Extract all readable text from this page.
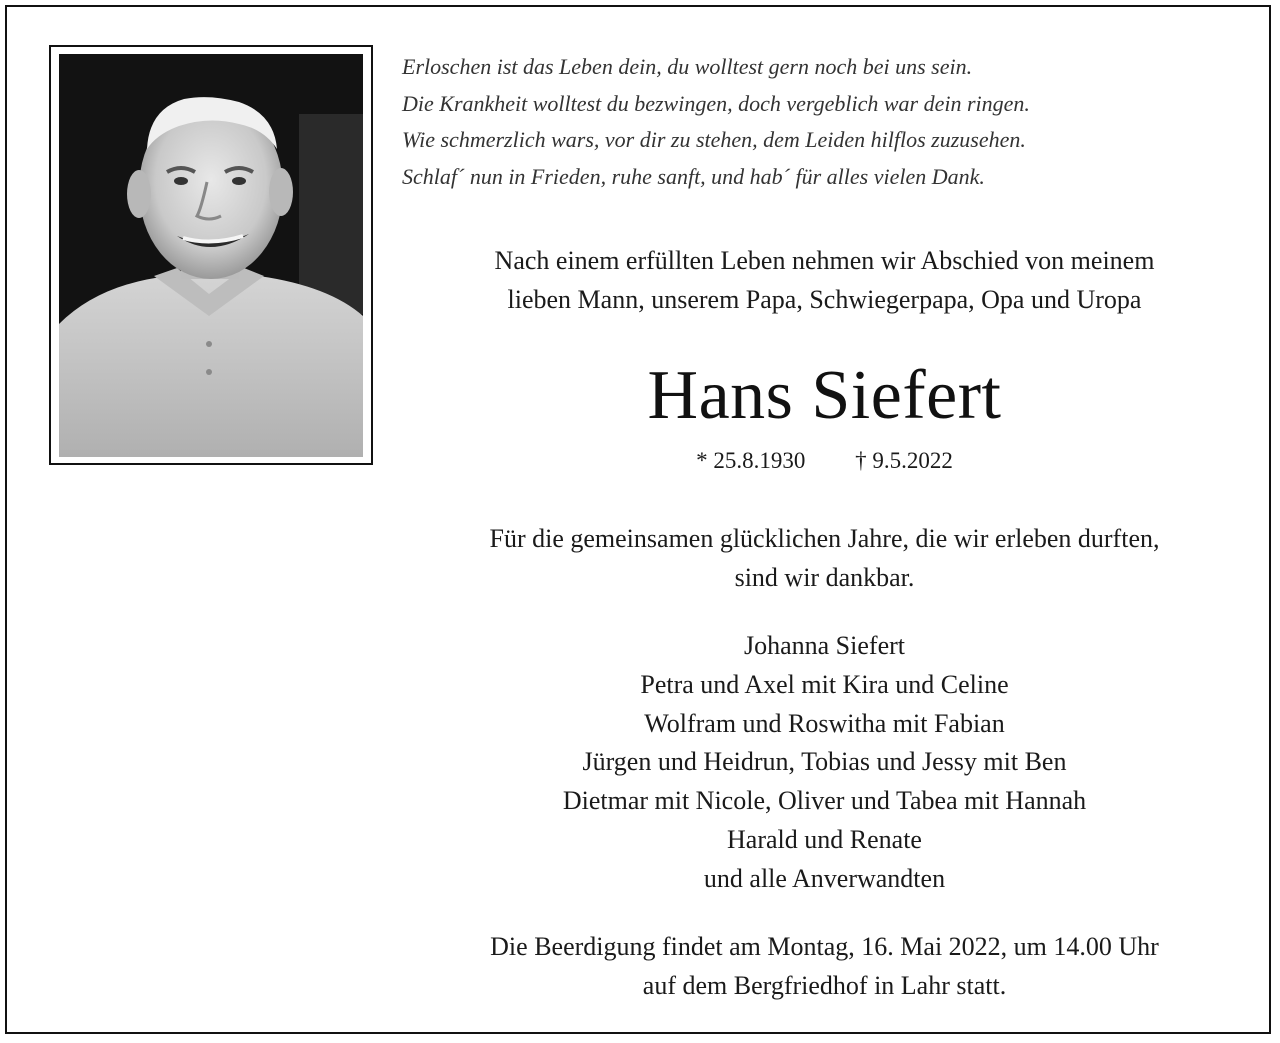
Erloschen ist das Leben dein, du wolltest gern noch bei uns sein.
Die Krankheit wolltest du bezwingen, doch vergeblich war dein ringen.
Wie schmerzlich wars, vor dir zu stehen, dem Leiden hilflos zuzusehen.
Schlaf´ nun in Frieden, ruhe sanft, und hab´ für alles vielen Dank.
Nach einem erfüllten Leben nehmen wir Abschied von meinem
lieben Mann, unserem Papa, Schwiegerpapa, Opa und Uropa
Hans Siefert
* 25.8.1930 † 9.5.2022
Für die gemeinsamen glücklichen Jahre, die wir erleben durften,
sind wir dankbar.
Johanna Siefert
Petra und Axel mit Kira und Celine
Wolfram und Roswitha mit Fabian
Jürgen und Heidrun, Tobias und Jessy mit Ben
Dietmar mit Nicole, Oliver und Tabea mit Hannah
Harald und Renate
und alle Anverwandten
Die Beerdigung findet am Montag, 16. Mai 2022, um 14.00 Uhr
auf dem Bergfriedhof in Lahr statt.
